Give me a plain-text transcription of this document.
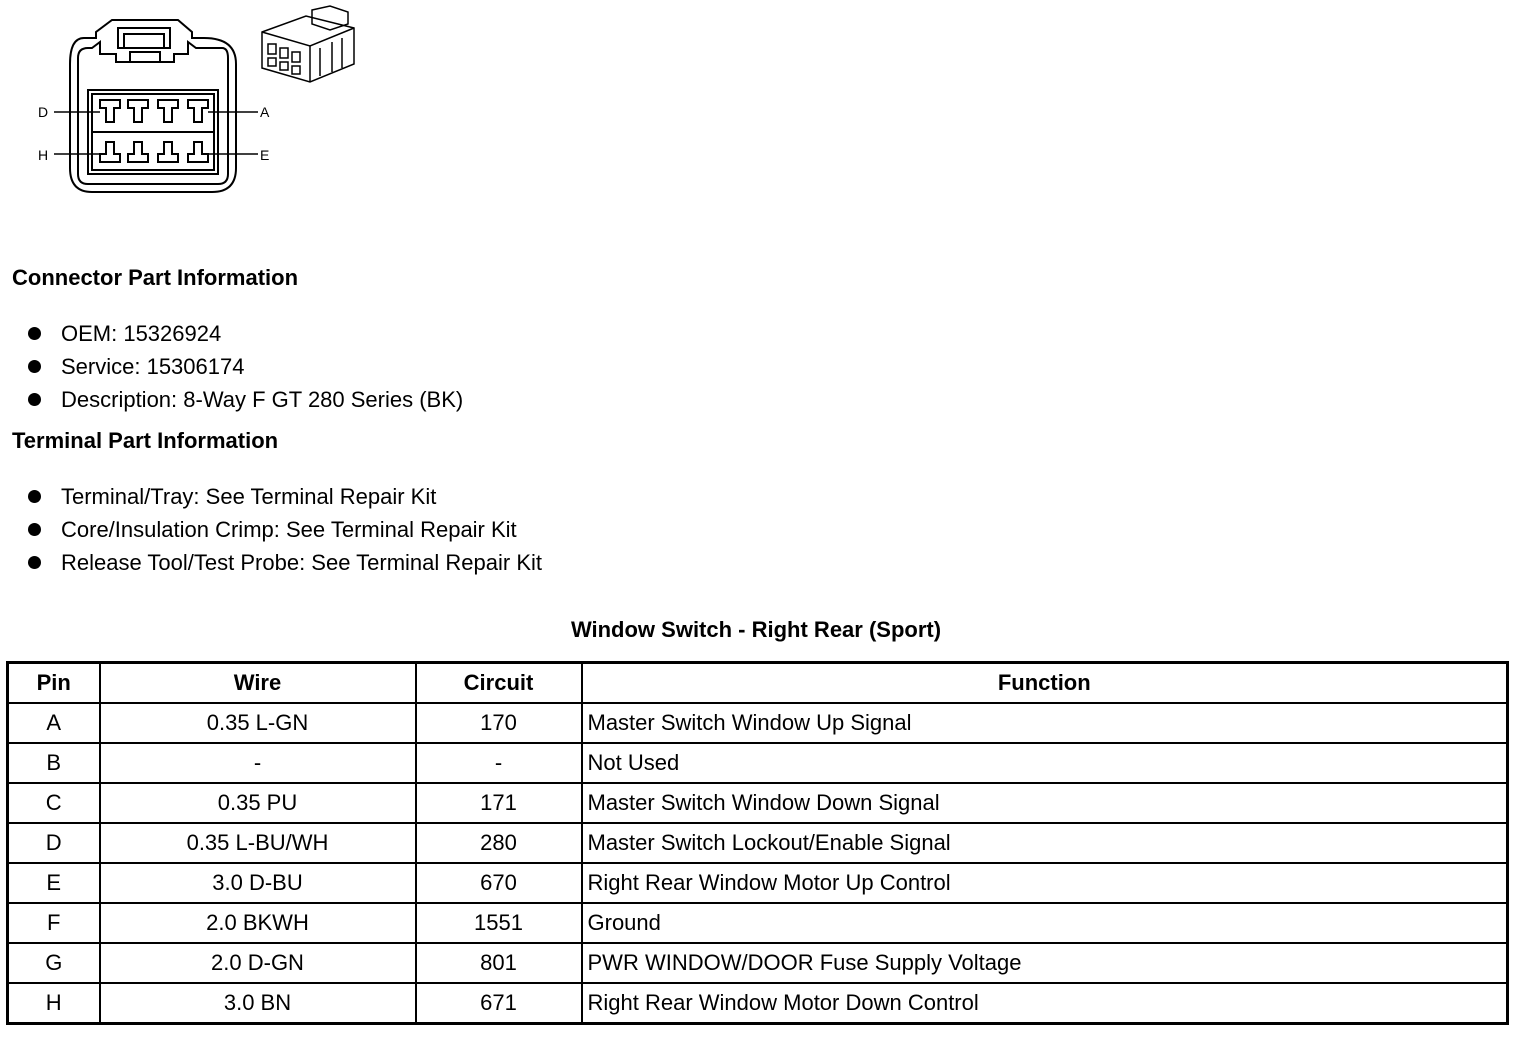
D	A
H	E
Connector Part Information
OEM: 15326924
Service: 15306174
Description: 8-Way F GT 280 Series (BK)
Terminal Part Information
Terminal/Tray: See Terminal Repair Kit
Core/Insulation Crimp: See Terminal Repair Kit
Release Tool/Test Probe: See Terminal Repair Kit
Window Switch - Right Rear (Sport)
Pin	Wire	Circuit	Function
A	0.35 L-GN	170	Master Switch Window Up Signal
B	-	-	Not Used
C	0.35 PU	171	Master Switch Window Down Signal
D	0.35 L-BU/WH	280	Master Switch Lockout/Enable Signal
E	3.0 D-BU	670	Right Rear Window Motor Up Control
F	2.0 BKWH	1551	Ground
G	2.0 D-GN	801	PWR WINDOW/DOOR Fuse Supply Voltage
H	3.0 BN	671	Right Rear Window Motor Down Control
